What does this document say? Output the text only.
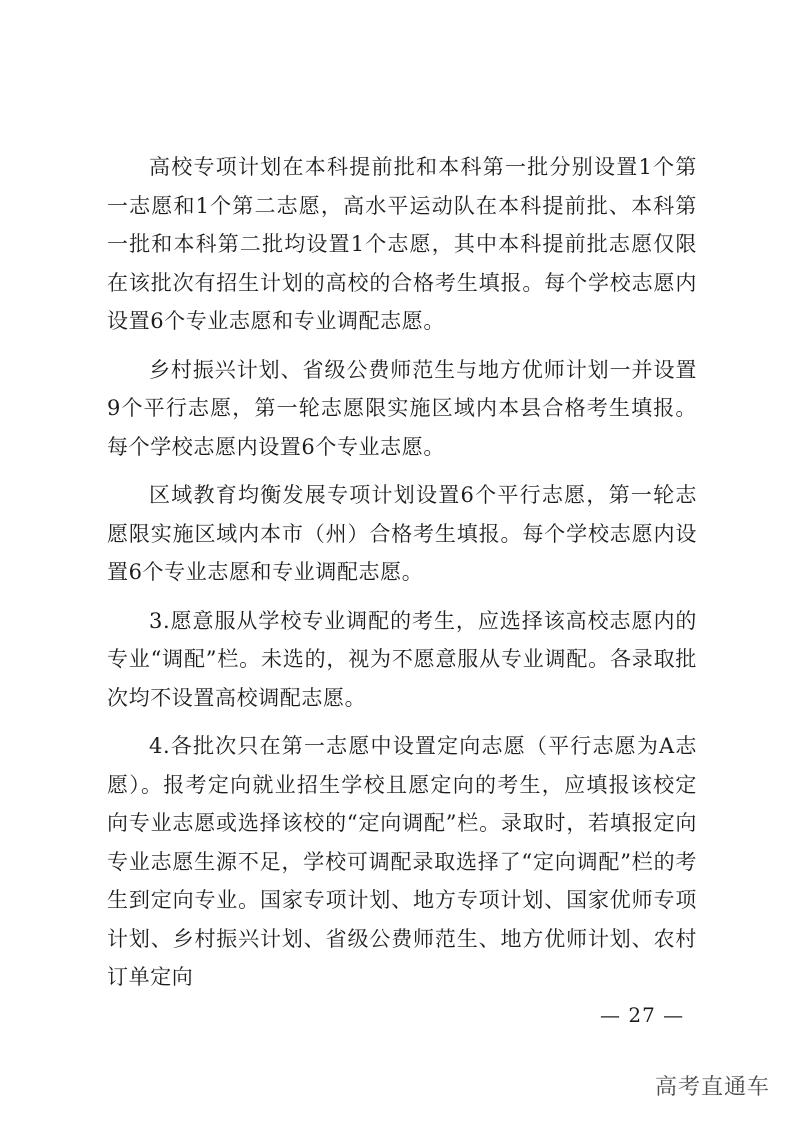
高校专项计划在本科提前批和本科第一批分别设置1个第一志愿和1个第二志愿，高水平运动队在本科提前批、本科第一批和本科第二批均设置1个志愿，其中本科提前批志愿仅限在该批次有招生计划的高校的合格考生填报。每个学校志愿内设置6个专业志愿和专业调配志愿。

乡村振兴计划、省级公费师范生与地方优师计划一并设置9个平行志愿，第一轮志愿限实施区域内本县合格考生填报。每个学校志愿内设置6个专业志愿。

区域教育均衡发展专项计划设置6个平行志愿，第一轮志愿限实施区域内本市（州）合格考生填报。每个学校志愿内设置6个专业志愿和专业调配志愿。

3.愿意服从学校专业调配的考生，应选择该高校志愿内的专业“调配”栏。未选的，视为不愿意服从专业调配。各录取批次均不设置高校调配志愿。

4.各批次只在第一志愿中设置定向志愿（平行志愿为A志愿）。报考定向就业招生学校且愿定向的考生，应填报该校定向专业志愿或选择该校的“定向调配”栏。录取时，若填报定向专业志愿生源不足，学校可调配录取选择了“定向调配”栏的考生到定向专业。国家专项计划、地方专项计划、国家优师专项计划、乡村振兴计划、省级公费师范生、地方优师计划、农村订单定向

— 27 —
高考直通车
